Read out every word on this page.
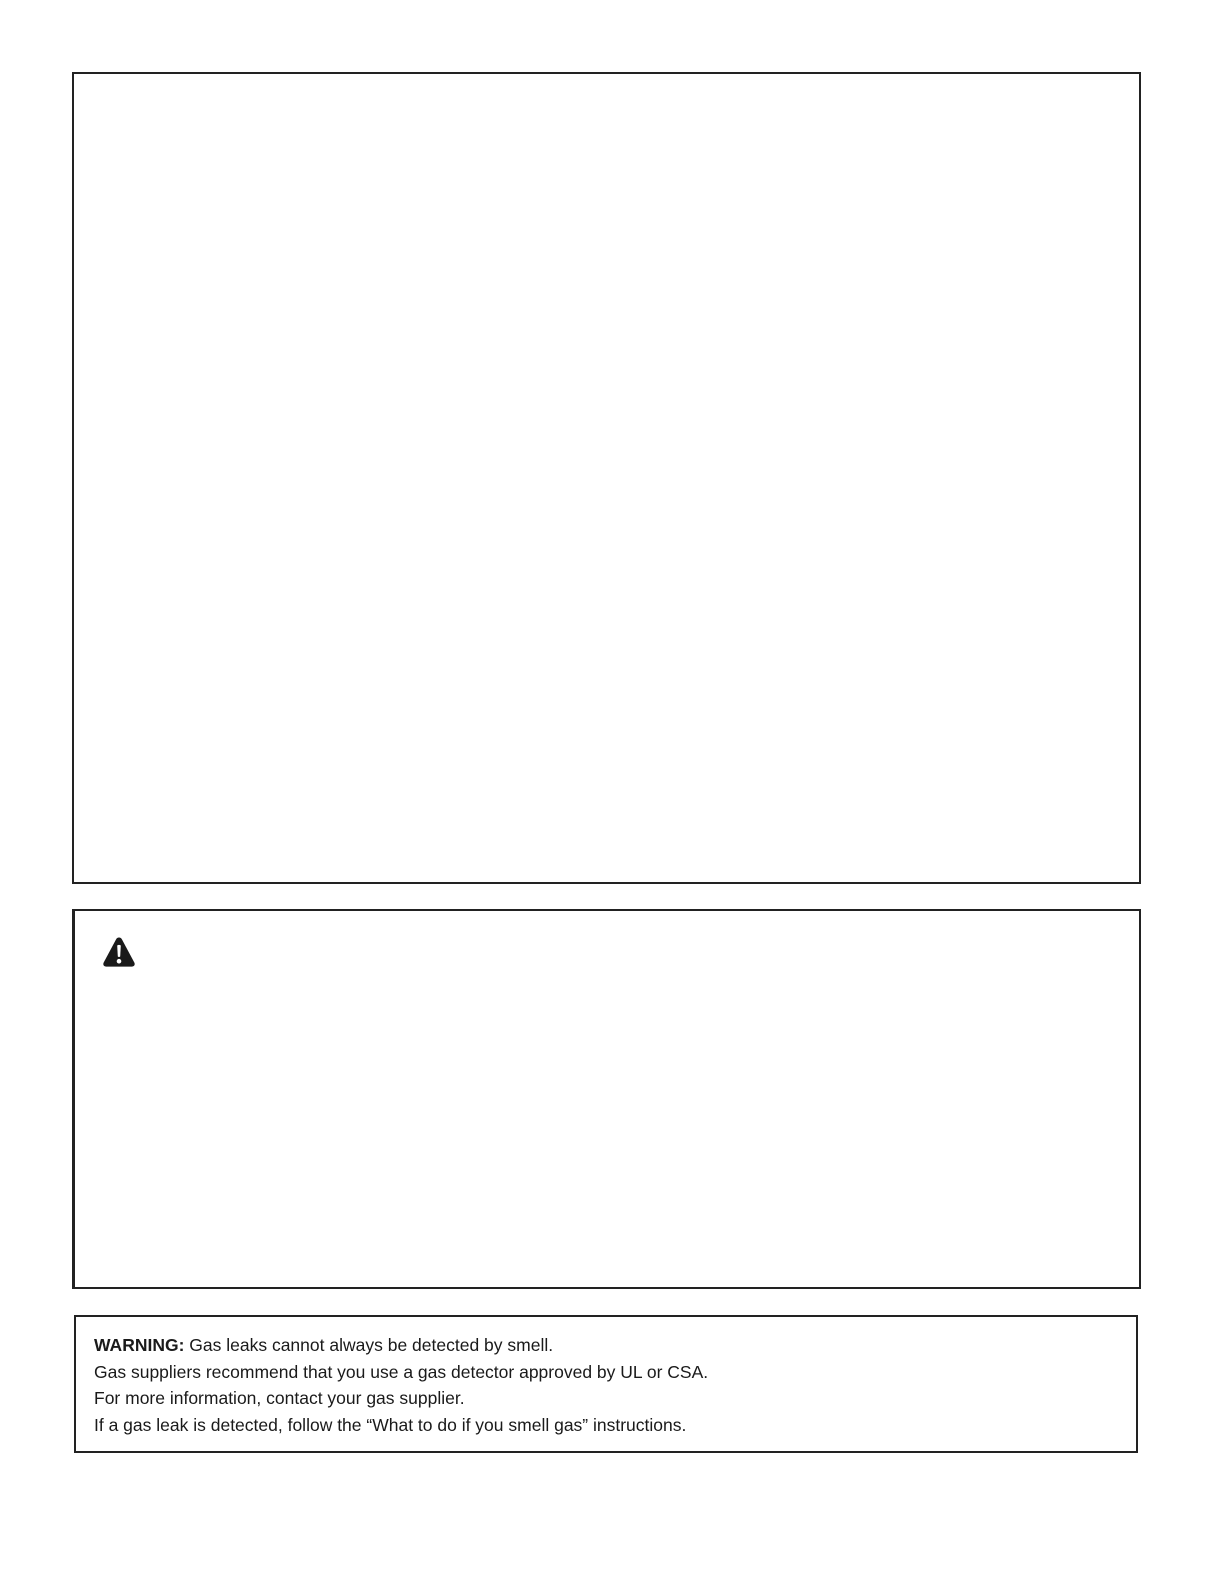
WARNING: Gas leaks cannot always be detected by smell.
Gas suppliers recommend that you use a gas detector approved by UL or CSA.
For more information, contact your gas supplier.
If a gas leak is detected, follow the “What to do if you smell gas” instructions.
